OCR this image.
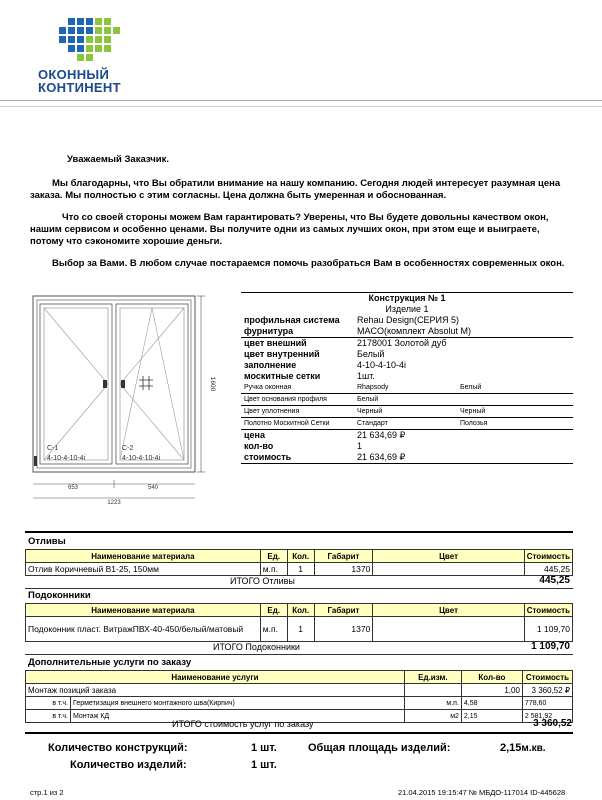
ОКОННЫЙ
КОНТИНЕНТ
Уважаемый Заказчик.
Мы благодарны, что Вы обратили внимание на нашу компанию. Сегодня людей интересует разумная цена заказа. Мы полностью с этим согласны. Цена должна быть умеренная и обоснованная.
Что со своей стороны можем Вам гарантировать? Уверены, что Вы будете довольны качеством окон, нашим сервисом и особенно ценами. Вы получите одни из самых лучших окон, при этом еще и выиграете, потому что сэкономите хорошие деньги.
Выбор за Вами. В любом случае постараемся помочь разобраться Вам в особенностях современных окон.
С-1
4-10-4-10-4i
С-2
4-10-4-10-4i
1600
653	540
1223
Конструкция № 1
Изделие 1
профильная система Rehau Design(СЕРИЯ 5)
фурнитура	MACO(комплект Absolut M)
цвет внешний	2178001 Золотой дуб
цвет внутренний	Белый
заполнение	4-10-4-10-4i
москитные сетки	1шт.
Ручка оконная	Rhapsody	Белый
Цвет основания профиля	Белый
Цвет уплотнения	Черный	Черный
Полотно Москитной Сетки	Стандарт	Полозья
цена	21 634,69 ₽
кол-во	1
стоимость	21 634,69 ₽
Отливы
Наименование материала	Ед.	Кол.	Габарит	Цвет	Стоимость
Отлив Коричневый В1-25, 150мм	м.п.	1	1370		445,25
ИТОГО Отливы	445,25
Подоконники
Наименование материала	Ед.	Кол.	Габарит	Цвет	Стоимость
Подоконник пласт. ВитражПВХ-40-450/белый/матовый	м.п.	1	1370		1 109,70
ИТОГО Подоконники	1 109,70
Дополнительные услуги по заказу
Наименование услуги		Ед.изм.	Кол-во	Стоимость
Монтаж позиций заказа			1,00	3 360,52 ₽
в т.ч.	Герметизация внешнего монтажного шва(Кирпич)	м.п.	4,58	778,60
в т.ч.	Монтаж КД	м2	2,15	2 581,92
ИТОГО стоимость услуг по заказу	3 360,52
Количество конструкций:	1 шт.	Общая площадь изделий:	2,15м.кв.
Количество изделий:	1 шт.
стр.1 из 2	21.04.2015 19:15:47 № МБДО-117014 ID-445628
